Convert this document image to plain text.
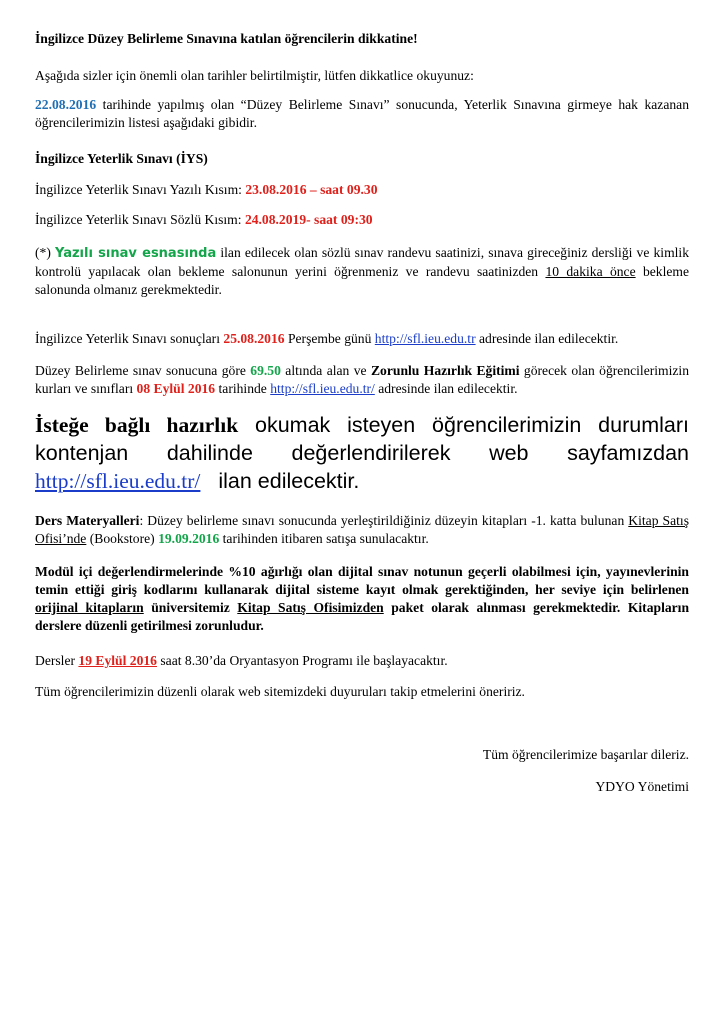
İngilizce Düzey Belirleme Sınavına katılan öğrencilerin dikkatine!

Aşağıda sizler için önemli olan tarihler belirtilmiştir, lütfen dikkatlice okuyunuz:

22.08.2016 tarihinde yapılmış olan “Düzey Belirleme Sınavı” sonucunda, Yeterlik Sınavına girmeye hak kazanan öğrencilerimizin listesi aşağıdaki gibidir.

İngilizce Yeterlik Sınavı (İYS)

İngilizce Yeterlik Sınavı Yazılı Kısım: 23.08.2016 – saat 09.30

İngilizce Yeterlik Sınavı Sözlü Kısım: 24.08.2019- saat 09:30

(*) Yazılı sınav esnasında ilan edilecek olan sözlü sınav randevu saatinizi, sınava gireceğiniz dersliği ve kimlik kontrolü yapılacak olan bekleme salonunun yerini öğrenmeniz ve randevu saatinizden 10 dakika önce bekleme salonunda olmanız gerekmektedir.

İngilizce Yeterlik Sınavı sonuçları 25.08.2016 Perşembe günü http://sfl.ieu.edu.tr adresinde ilan edilecektir.

Düzey Belirleme sınav sonucuna göre 69.50 altında alan ve Zorunlu Hazırlık Eğitimi görecek olan öğrencilerimizin kurları ve sınıfları 08 Eylül 2016 tarihinde http://sfl.ieu.edu.tr/ adresinde ilan edilecektir.

İsteğe bağlı hazırlık okumak isteyen öğrencilerimizin durumları

kontenjan dahilinde değerlendirilerek web sayfamızdan

http://sfl.ieu.edu.tr/   ilan edilecektir.

Ders Materyalleri: Düzey belirleme sınavı sonucunda yerleştirildiğiniz düzeyin kitapları -1. katta bulunan Kitap Satış Ofisi’nde (Bookstore) 19.09.2016 tarihinden itibaren satışa sunulacaktır.

Modül içi değerlendirmelerinde %10 ağırlığı olan dijital sınav notunun geçerli olabilmesi için, yayınevlerinin temin ettiği giriş kodlarını kullanarak dijital sisteme kayıt olmak gerektiğinden, her seviye için belirlenen orijinal kitapların üniversitemiz Kitap Satış Ofisimizden paket olarak alınması gerekmektedir. Kitapların derslere düzenli getirilmesi zorunludur.

Dersler 19 Eylül 2016 saat 8.30’da Oryantasyon Programı ile başlayacaktır.

Tüm öğrencilerimizin düzenli olarak web sitemizdeki duyuruları takip etmelerini öneririz.

Tüm öğrencilerimize başarılar dileriz.

YDYO Yönetimi
